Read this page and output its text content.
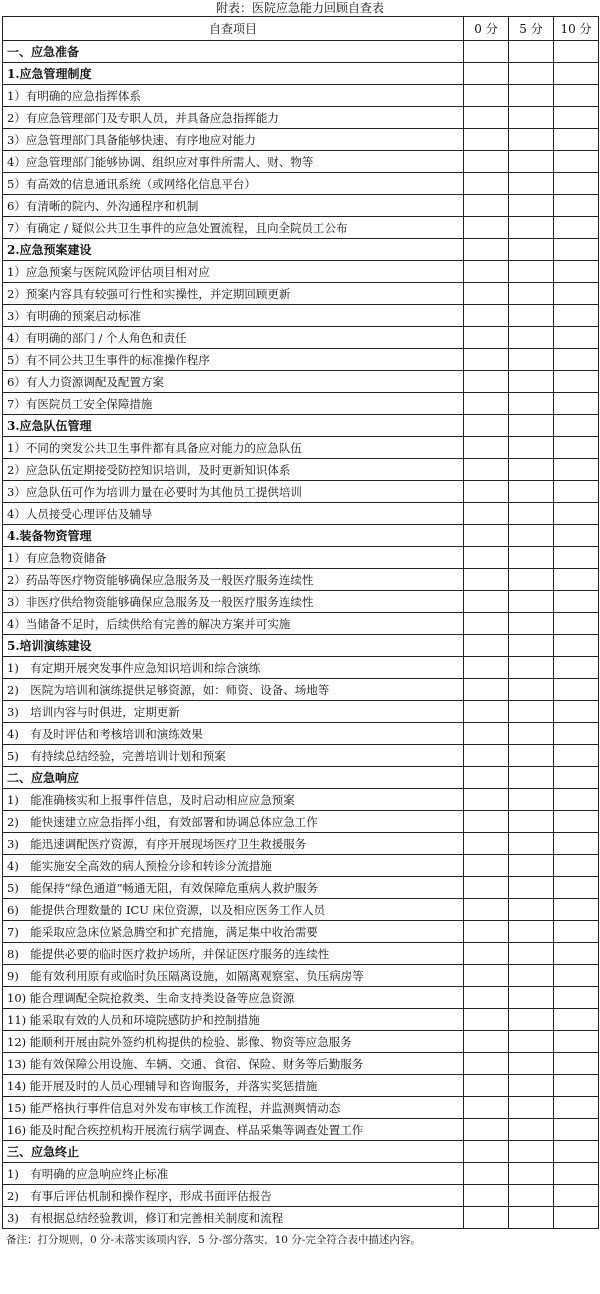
附表：医院应急能力回顾自查表
自查项目	0 分	5 分	10 分
一、应急准备			
1.应急管理制度			
1）有明确的应急指挥体系			
2）有应急管理部门及专职人员，并具备应急指挥能力			
3）应急管理部门具备能够快速、有序地应对能力			
4）应急管理部门能够协调、组织应对事件所需人、财、物等			
5）有高效的信息通讯系统（或网络化信息平台）			
6）有清晰的院内、外沟通程序和机制			
7）有确定 / 疑似公共卫生事件的应急处置流程，且向全院员工公布			
2.应急预案建设			
1）应急预案与医院风险评估项目相对应			
2）预案内容具有较强可行性和实操性，并定期回顾更新			
3）有明确的预案启动标准			
4）有明确的部门 / 个人角色和责任			
5）有不同公共卫生事件的标准操作程序			
6）有人力资源调配及配置方案			
7）有医院员工安全保障措施			
3.应急队伍管理			
1）不同的突发公共卫生事件都有具备应对能力的应急队伍			
2）应急队伍定期接受防控知识培训，及时更新知识体系			
3）应急队伍可作为培训力量在必要时为其他员工提供培训			
4）人员接受心理评估及辅导			
4.装备物资管理			
1）有应急物资储备			
2）药品等医疗物资能够确保应急服务及一般医疗服务连续性			
3）非医疗供给物资能够确保应急服务及一般医疗服务连续性			
4）当储备不足时，后续供给有完善的解决方案并可实施			
5.培训演练建设			
1)　有定期开展突发事件应急知识培训和综合演练			
2)　医院为培训和演练提供足够资源，如：师资、设备、场地等			
3)　培训内容与时俱进，定期更新			
4)　有及时评估和考核培训和演练效果			
5)　有持续总结经验，完善培训计划和预案			
二、应急响应			
1)　能准确核实和上报事件信息，及时启动相应应急预案			
2)　能快速建立应急指挥小组，有效部署和协调总体应急工作			
3)　能迅速调配医疗资源，有序开展现场医疗卫生救援服务			
4)　能实施安全高效的病人预检分诊和转诊分流措施			
5)　能保持“绿色通道”畅通无阻，有效保障危重病人救护服务			
6)　能提供合理数量的 ICU 床位资源，以及相应医务工作人员			
7)　能采取应急床位紧急腾空和扩充措施，满足集中收治需要			
8)　能提供必要的临时医疗救护场所，并保证医疗服务的连续性			
9)　能有效利用原有或临时负压隔离设施，如隔离观察室、负压病房等			
10) 能合理调配全院抢救类、生命支持类设备等应急资源			
11) 能采取有效的人员和环境院感防护和控制措施			
12) 能顺利开展由院外签约机构提供的检验、影像、物资等应急服务			
13) 能有效保障公用设施、车辆、交通、食宿、保险、财务等后勤服务			
14) 能开展及时的人员心理辅导和咨询服务，并落实奖惩措施			
15) 能严格执行事件信息对外发布审核工作流程，并监测舆情动态			
16) 能及时配合疾控机构开展流行病学调查、样品采集等调查处置工作			
三、应急终止			
1)　有明确的应急响应终止标准			
2)　有事后评估机制和操作程序，形成书面评估报告			
3)　有根据总结经验教训，修订和完善相关制度和流程			
备注：打分规则，0 分-未落实该项内容，5 分-部分落实，10 分-完全符合表中描述内容。
